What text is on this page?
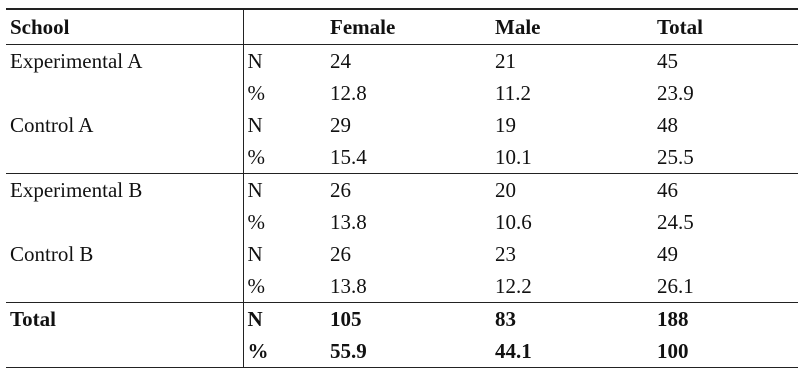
School		Female	Male	Total
Experimental A	N	24	21	45
	%	12.8	11.2	23.9
Control A	N	29	19	48
	%	15.4	10.1	25.5
Experimental B	N	26	20	46
	%	13.8	10.6	24.5
Control B	N	26	23	49
	%	13.8	12.2	26.1
Total	N	105	83	188
	%	55.9	44.1	100
